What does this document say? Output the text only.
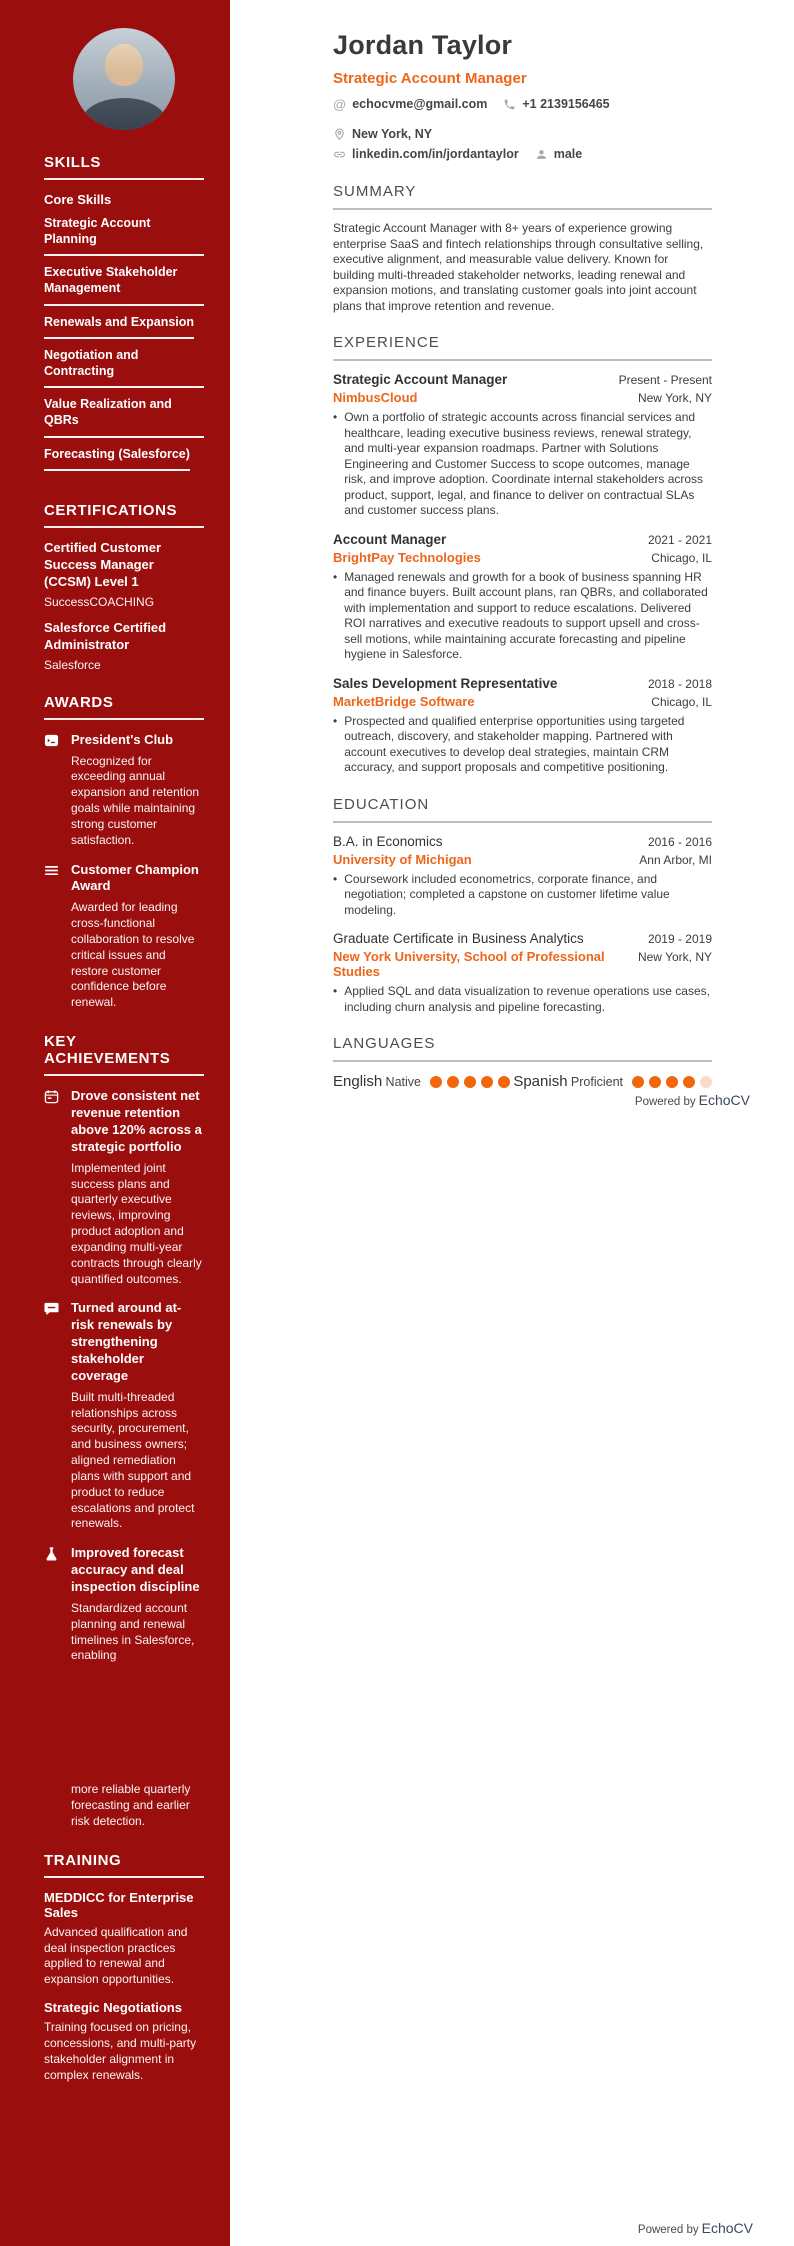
SKILLS
Core Skills
Strategic Account Planning
Executive Stakeholder Management
Renewals and Expansion
Negotiation and Contracting
Value Realization and QBRs
Forecasting (Salesforce)
CERTIFICATIONS
Certified Customer Success Manager (CCSM) Level 1
SuccessCOACHING
Salesforce Certified Administrator
Salesforce
AWARDS
President's Club
Recognized for exceeding annual expansion and retention goals while maintaining strong customer satisfaction.
Customer Champion Award
Awarded for leading cross-functional collaboration to resolve critical issues and restore customer confidence before renewal.
KEY ACHIEVEMENTS
Drove consistent net revenue retention above 120% across a strategic portfolio
Implemented joint success plans and quarterly executive reviews, improving product adoption and expanding multi-year contracts through clearly quantified outcomes.
Turned around at-risk renewals by strengthening stakeholder coverage
Built multi-threaded relationships across security, procurement, and business owners; aligned remediation plans with support and product to reduce escalations and protect renewals.
Improved forecast accuracy and deal inspection discipline
Standardized account planning and renewal timelines in Salesforce, enabling

more reliable quarterly forecasting and earlier risk detection.

TRAINING
MEDDICC for Enterprise Sales
Advanced qualification and deal inspection practices applied to renewal and expansion opportunities.
Strategic Negotiations
Training focused on pricing, concessions, and multi-party stakeholder alignment in complex renewals.
Jordan Taylor
Strategic Account Manager
@ echocvme@gmail.com	+1 2139156465
New York, NY
linkedin.com/in/jordantaylor	male
SUMMARY

Strategic Account Manager with 8+ years of experience growing enterprise SaaS and fintech relationships through consultative selling, executive alignment, and measurable value delivery. Known for building multi-threaded stakeholder networks, leading renewal and expansion motions, and translating customer goals into joint account plans that improve retention and revenue.

EXPERIENCE
Strategic Account Manager	Present - Present
NimbusCloud	New York, NY
• Own a portfolio of strategic accounts across financial services and healthcare, leading executive business reviews, renewal strategy, and multi-year expansion roadmaps. Partner with Solutions Engineering and Customer Success to scope outcomes, manage risk, and improve adoption. Coordinate internal stakeholders across product, support, legal, and finance to deliver on contractual SLAs and customer success plans.

Account Manager	2021 - 2021
BrightPay Technologies	Chicago, IL
• Managed renewals and growth for a book of business spanning HR and finance buyers. Built account plans, ran QBRs, and collaborated with implementation and support to reduce escalations. Delivered ROI narratives and executive readouts to support upsell and cross-sell motions, while maintaining accurate forecasting and pipeline hygiene in Salesforce.

Sales Development Representative	2018 - 2018
MarketBridge Software	Chicago, IL
• Prospected and qualified enterprise opportunities using targeted outreach, discovery, and stakeholder mapping. Partnered with account executives to develop deal strategies, maintain CRM accuracy, and support proposals and competitive positioning.

EDUCATION
B.A. in Economics	2016 - 2016
University of Michigan	Ann Arbor, MI
• Coursework included econometrics, corporate finance, and negotiation; completed a capstone on customer lifetime value modeling.

Graduate Certificate in Business Analytics	2019 - 2019
New York University, School of Professional Studies
New York, NY
• Applied SQL and data visualization to revenue operations use cases, including churn analysis and pipeline forecasting.

LANGUAGES
English Native	Spanish Proficient
Powered by EchoCV
Powered by EchoCV
